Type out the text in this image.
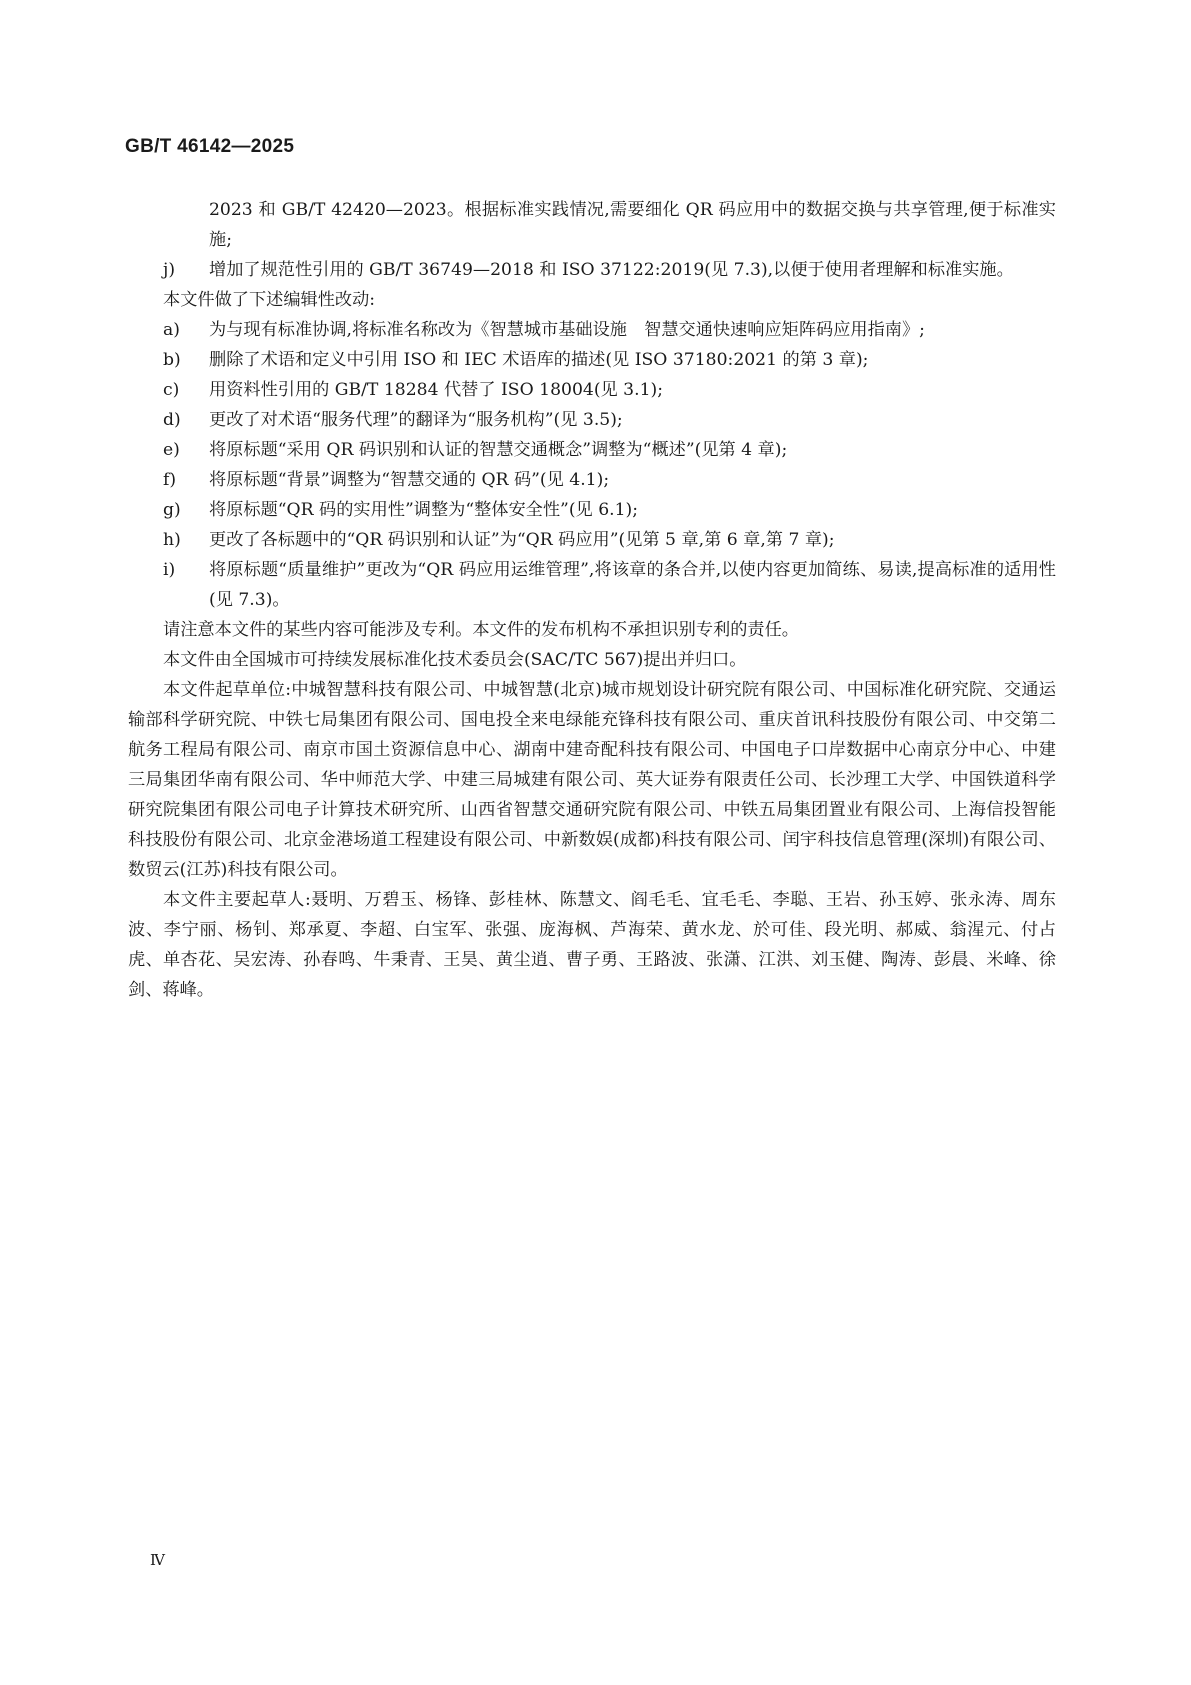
GB/T 46142—2025

2023 和 GB/T 42420—2023。根据标准实践情况,需要细化 QR 码应用中的数据交换与共享管理,便于标准实施;

j) 增加了规范性引用的 GB/T 36749—2018 和 ISO 37122:2019(见 7.3),以便于使用者理解和标准实施。

本文件做了下述编辑性改动:

a) 为与现有标准协调,将标准名称改为《智慧城市基础设施　智慧交通快速响应矩阵码应用指南》;
b) 删除了术语和定义中引用 ISO 和 IEC 术语库的描述(见 ISO 37180:2021 的第 3 章);
c) 用资料性引用的 GB/T 18284 代替了 ISO 18004(见 3.1);
d) 更改了对术语“服务代理”的翻译为“服务机构”(见 3.5);
e) 将原标题“采用 QR 码识别和认证的智慧交通概念”调整为“概述”(见第 4 章);
f) 将原标题“背景”调整为“智慧交通的 QR 码”(见 4.1);
g) 将原标题“QR 码的实用性”调整为“整体安全性”(见 6.1);
h) 更改了各标题中的“QR 码识别和认证”为“QR 码应用”(见第 5 章,第 6 章,第 7 章);
i) 将原标题“质量维护”更改为“QR 码应用运维管理”,将该章的条合并,以使内容更加简练、易读,提高标准的适用性(见 7.3)。

请注意本文件的某些内容可能涉及专利。本文件的发布机构不承担识别专利的责任。

本文件由全国城市可持续发展标准化技术委员会(SAC/TC 567)提出并归口。

本文件起草单位:中城智慧科技有限公司、中城智慧(北京)城市规划设计研究院有限公司、中国标准化研究院、交通运输部科学研究院、中铁七局集团有限公司、国电投全来电绿能充锋科技有限公司、重庆首讯科技股份有限公司、中交第二航务工程局有限公司、南京市国土资源信息中心、湖南中建奇配科技有限公司、中国电子口岸数据中心南京分中心、中建三局集团华南有限公司、华中师范大学、中建三局城建有限公司、英大证券有限责任公司、长沙理工大学、中国铁道科学研究院集团有限公司电子计算技术研究所、山西省智慧交通研究院有限公司、中铁五局集团置业有限公司、上海信投智能科技股份有限公司、北京金港场道工程建设有限公司、中新数娱(成都)科技有限公司、闰宇科技信息管理(深圳)有限公司、数贸云(江苏)科技有限公司。

本文件主要起草人:聂明、万碧玉、杨锋、彭桂林、陈慧文、阎毛毛、宜毛毛、李聪、王岩、孙玉婷、张永涛、周东波、李宁丽、杨钊、郑承夏、李超、白宝军、张强、庞海枫、芦海荣、黄水龙、於可佳、段光明、郝威、翁湦元、付占虎、单杏花、吴宏涛、孙春鸣、牛秉青、王昊、黄尘逍、曹子勇、王路波、张潇、江洪、刘玉健、陶涛、彭晨、米峰、徐剑、蒋峰。

Ⅳ
